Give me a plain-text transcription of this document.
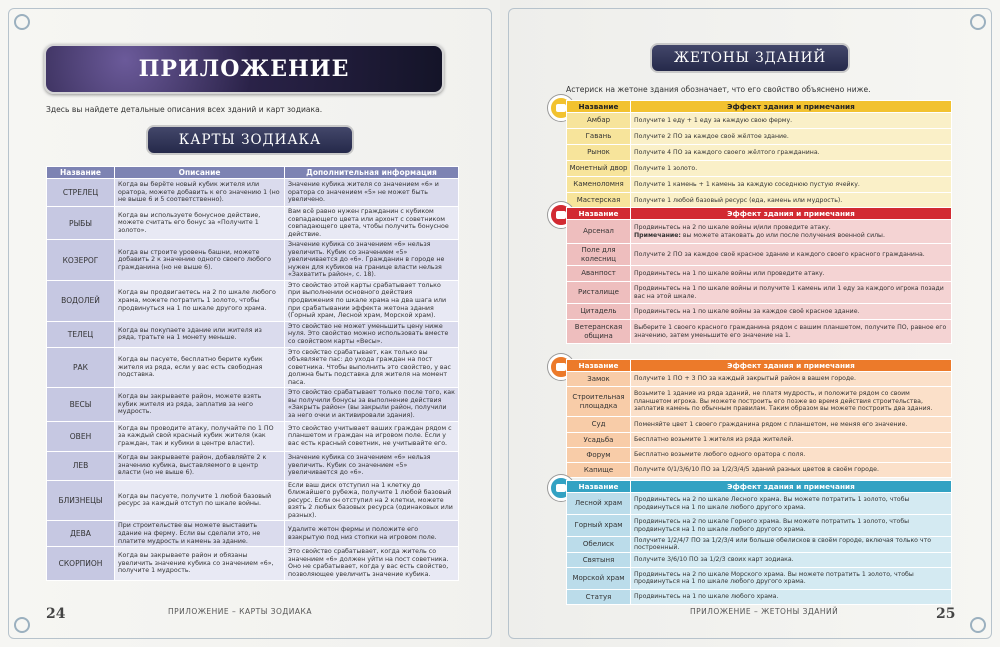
ПРИЛОЖЕНИЕ
Здесь вы найдете детальные описания всех зданий и карт зодиака.
КАРТЫ ЗОДИАКА
Название	Описание	Дополнительная информация
СТРЕЛЕЦ	Когда вы берёте новый кубик жителя или оратора, можете добавить к его значению 1 (но не выше 6 и 5 соответственно).	Значение кубика жителя со значением «6» и оратора со значением «5» не может быть увеличено.
РЫБЫ	Когда вы используете бонусное действие, можете считать его бонус за «Получите 1 золото».	Вам всё равно нужен гражданин с кубиком совпадающего цвета или архонт с советником совпадающего цвета, чтобы получить бонусное действие.
КОЗЕРОГ	Когда вы строите уровень башни, можете добавить 2 к значению одного своего любого гражданина (но не выше 6).	Значение кубика со значением «6» нельзя увеличить. Кубик со значением «5» увеличивается до «6». Гражданин в городе не нужен для кубиков на границе власти нельзя «Захватить район», с. 18).
ВОДОЛЕЙ	Когда вы продвигаетесь на 2 по шкале любого храма, можете потратить 1 золото, чтобы продвинуться на 1 по шкале другого храма.	Это свойство этой карты срабатывает только при выполнении основного действия продвижения по шкале храма на два шага или при срабатывании эффекта жетона здания (Горный храм, Лесной храм, Морской храм).
ТЕЛЕЦ	Когда вы покупаете здание или жителя из ряда, тратьте на 1 монету меньше.	Это свойство не может уменьшить цену ниже нуля. Это свойство можно использовать вместе со свойством карты «Весы».
РАК	Когда вы пасуете, бесплатно берите кубик жителя из ряда, если у вас есть свободная подставка.	Это свойство срабатывает, как только вы объявляете пас: до ухода граждан на пост советника. Чтобы выполнить это свойство, у вас должна быть подставка для жителя на момент паса.
ВЕСЫ	Когда вы закрываете район, можете взять кубик жителя из ряда, заплатив за него мудрость.	Это свойство срабатывает только после того, как вы получили бонусы за выполнение действия «Закрыть район» (вы закрыли район, получили за него очки и активировали здания).
ОВЕН	Когда вы проводите атаку, получайте по 1 ПО за каждый свой красный кубик жителя (как граждан, так и кубики в центре власти).	Это свойство учитывает ваших граждан рядом с планшетом и граждан на игровом поле. Если у вас есть красный советник, не учитывайте его.
ЛЕВ	Когда вы закрываете район, добавляйте 2 к значению кубика, выставляемого в центр власти (но не выше 6).	Значение кубика со значением «6» нельзя увеличить. Кубик со значением «5» увеличивается до «6».
БЛИЗНЕЦЫ	Когда вы пасуете, получите 1 любой базовый ресурс за каждый отступ по шкале войны.	Если ваш диск отступил на 1 клетку до ближайшего рубежа, получите 1 любой базовый ресурс. Если он отступил на 2 клетки, можете взять 2 любых базовых ресурса (одинаковых или разных).
ДЕВА	При строительстве вы можете выставить здание на ферму. Если вы сделали это, не платите мудрость и камень за здание.	Удалите жетон фермы и положите его взакрытую под низ стопки на игровом поле.
СКОРПИОН	Когда вы закрываете район и обязаны увеличить значение кубика со значением «6», получите 1 мудрость.	Это свойство срабатывает, когда житель со значением «6» должен уйти на пост советника. Оно не срабатывает, когда у вас есть свойство, позволяющее увеличить значение кубика.
24	ПРИЛОЖЕНИЕ – КАРТЫ ЗОДИАКА
ЖЕТОНЫ ЗДАНИЙ
Астериск на жетоне здания обозначает, что его свойство объяснено ниже.
25
ПРИЛОЖЕНИЕ – ЖЕТОНЫ ЗДАНИЙ
Название	Эффект здания и примечания
Амбар	Получите 1 еду + 1 еду за каждую свою ферму.
Гавань	Получите 2 ПО за каждое своё жёлтое здание.
Рынок	Получите 4 ПО за каждого своего жёлтого гражданина.
Монетный двор	Получите 1 золото.
Каменоломня	Получите 1 камень + 1 камень за каждую соседнюю пустую ячейку.
Мастерская	Получите 1 любой базовый ресурс (еда, камень или мудрость).
Название	Эффект здания и примечания
Арсенал	Продвиньтесь на 2 по шкале войны и/или проведите атаку.
Примечание: вы можете атаковать до или после получения военной силы.
Поле для колесниц	Получите 2 ПО за каждое своё красное здание и каждого своего красного гражданина.
Аванпост	Продвиньтесь на 1 по шкале войны или проведите атаку.
Ристалище	Продвиньтесь на 1 по шкале войны и получите 1 камень или 1 еду за каждого игрока позади вас на этой шкале.
Цитадель	Продвиньтесь на 1 по шкале войны за каждое своё красное здание.
Ветеранская община	Выберите 1 своего красного гражданина рядом с вашим планшетом, получите ПО, равное его значению, затем уменьшите его значение на 1.
Название	Эффект здания и примечания
Замок	Получите 1 ПО + 3 ПО за каждый закрытый район в вашем городе.
Строительная площадка	Возьмите 1 здание из ряда зданий, не платя мудрость, и положите рядом со своим планшетом игрока. Вы можете построить его позже во время действия строительства, заплатив камень по обычным правилам. Таким образом вы можете построить два здания.
Суд	Поменяйте цвет 1 своего гражданина рядом с планшетом, не меняя его значение.
Усадьба	Бесплатно возьмите 1 жителя из ряда жителей.
Форум	Бесплатно возьмите любого одного оратора с поля.
Капище	Получите 0/1/3/6/10 ПО за 1/2/3/4/5 зданий разных цветов в своём городе.
Название	Эффект здания и примечания
Лесной храм	Продвиньтесь на 2 по шкале Лесного храма. Вы можете потратить 1 золото, чтобы продвинуться на 1 по шкале любого другого храма.
Горный храм	Продвиньтесь на 2 по шкале Горного храма. Вы можете потратить 1 золото, чтобы продвинуться на 1 по шкале любого другого храма.
Обелиск	Получите 1/2/4/7 ПО за 1/2/3/4 или больше обелисков в своём городе, включая только что построенный.
Святыня	Получите 3/6/10 ПО за 1/2/3 своих карт зодиака.
Морской храм	Продвиньтесь на 2 по шкале Морского храма. Вы можете потратить 1 золото, чтобы продвинуться на 1 по шкале любого другого храма.
Статуя	Продвиньтесь на 1 по шкале любого храма.
